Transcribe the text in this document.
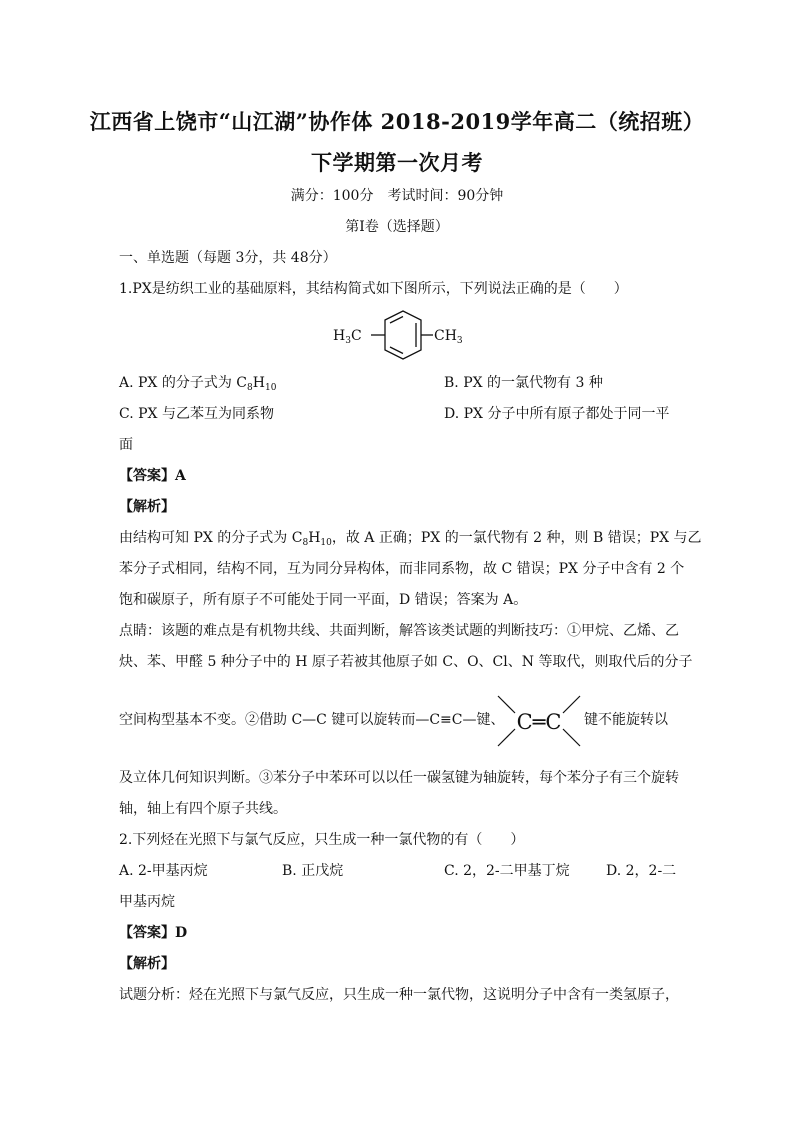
江西省上饶市“山江湖”协作体 2018-2019学年高二（统招班）
下学期第一次月考
满分：100分　考试时间：90分钟
第Ⅰ卷（选择题）
一、单选题（每题 3分，共 48分）
1.PX是纺织工业的基础原料，其结构简式如下图所示，下列说法正确的是（　　）
$H_3C$	$CH_3$
A. PX 的分子式为 $C_8H_{10}$	B. PX 的一氯代物有 3 种
C. PX 与乙苯互为同系物	D. PX 分子中所有原子都处于同一平
面
【答案】A
【解析】
由结构可知 PX 的分子式为 $C_8H_{10}$，故 A 正确；PX 的一氯代物有 2 种，则 B 错误；PX 与乙
苯分子式相同，结构不同，互为同分异构体，而非同系物，故 C 错误；PX 分子中含有 2 个
饱和碳原子，所有原子不可能处于同一平面，D 错误；答案为 A。
点睛：该题的难点是有机物共线、共面判断，解答该类试题的判断技巧：①甲烷、乙烯、乙
炔、苯、甲醛 5 种分子中的 H 原子若被其他原子如 C、O、Cl、N 等取代，则取代后的分子
空间构型基本不变。②借助 C—C 键可以旋转而—C≡C—键、 C═C 键不能旋转以
及立体几何知识判断。③苯分子中苯环可以以任一碳氢键为轴旋转，每个苯分子有三个旋转
轴，轴上有四个原子共线。
2.下列烃在光照下与氯气反应，只生成一种一氯代物的有（　　）
A. 2-甲基丙烷	B. 正戊烷	C. 2，2-二甲基丁烷	D. 2，2-二
甲基丙烷
【答案】D
【解析】
试题分析：烃在光照下与氯气反应，只生成一种一氯代物，这说明分子中含有一类氢原子，
